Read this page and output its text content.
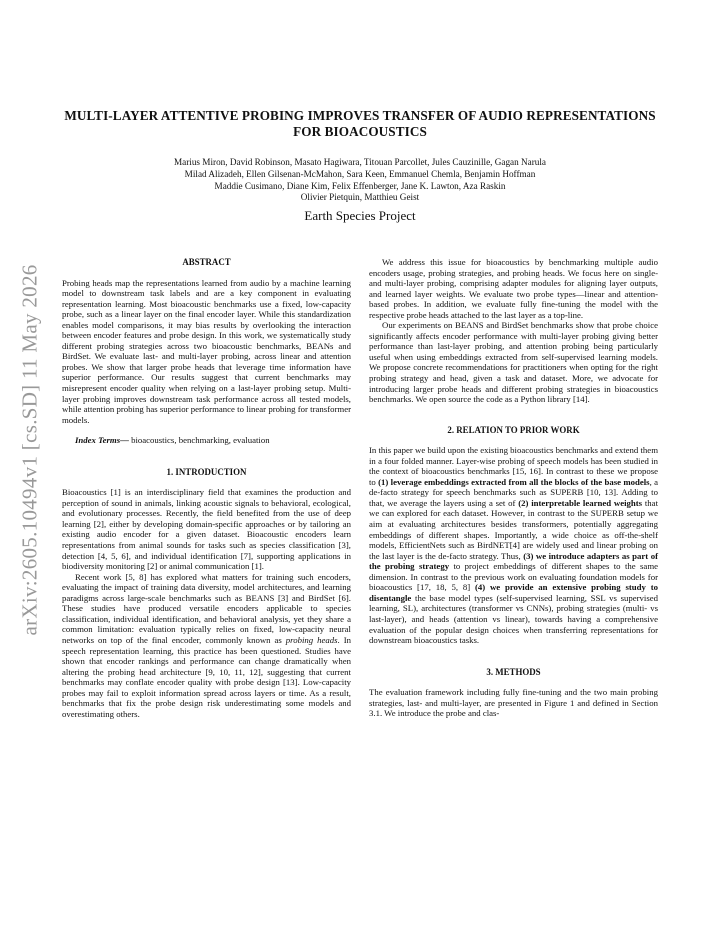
arXiv:2605.10494v1 [cs.SD] 11 May 2026
MULTI-LAYER ATTENTIVE PROBING IMPROVES TRANSFER OF AUDIO REPRESENTATIONS FOR BIOACOUSTICS
Marius Miron, David Robinson, Masato Hagiwara, Titouan Parcollet, Jules Cauzinille, Gagan Narula
Milad Alizadeh, Ellen Gilsenan-McMahon, Sara Keen, Emmanuel Chemla, Benjamin Hoffman
Maddie Cusimano, Diane Kim, Felix Effenberger, Jane K. Lawton, Aza Raskin
Olivier Pietquin, Matthieu Geist
Earth Species Project

ABSTRACT

Probing heads map the representations learned from audio by a machine learning model to downstream task labels and are a key component in evaluating representation learning. Most bioacoustic benchmarks use a fixed, low-capacity probe, such as a linear layer on the final encoder layer. While this standardization enables model comparisons, it may bias results by overlooking the interaction between encoder features and probe design. In this work, we systematically study different probing strategies across two bioacoustic benchmarks, BEANs and BirdSet. We evaluate last- and multi-layer probing, across linear and attention probes. We show that larger probe heads that leverage time information have superior performance. Our results suggest that current benchmarks may misrepresent encoder quality when relying on a last-layer probing setup. Multi-layer probing improves downstream task performance across all tested models, while attention probing has superior performance to linear probing for transformer models.

Index Terms— bioacoustics, benchmarking, evaluation

1. INTRODUCTION

Bioacoustics [1] is an interdisciplinary field that examines the production and perception of sound in animals, linking acoustic signals to behavioral, ecological, and evolutionary processes. Recently, the field benefited from the use of deep learning [2], either by developing domain-specific approaches or by tailoring an existing audio encoder for a given dataset. Bioacoustic encoders learn representations from animal sounds for tasks such as species classification [3], detection [4, 5, 6], and individual identification [7], supporting applications in biodiversity monitoring [2] or animal communication [1].

Recent work [5, 8] has explored what matters for training such encoders, evaluating the impact of training data diversity, model architectures, and learning paradigms across large-scale benchmarks such as BEANS [3] and BirdSet [6]. These studies have produced versatile encoders applicable to species classification, individual identification, and behavioral analysis, yet they share a common limitation: evaluation typically relies on fixed, low-capacity neural networks on top of the final encoder, commonly known as probing heads. In speech representation learning, this practice has been questioned. Studies have shown that encoder rankings and performance can change dramatically when altering the probing head architecture [9, 10, 11, 12], suggesting that current benchmarks may conflate encoder quality with probe design [13]. Low-capacity probes may fail to exploit information spread across layers or time. As a result, benchmarks that fix the probe design risk underestimating some models and overestimating others.

We address this issue for bioacoustics by benchmarking multiple audio encoders usage, probing strategies, and probing heads. We focus here on single- and multi-layer probing, comprising adapter modules for aligning layer outputs, and learned layer weights. We evaluate two probe types—linear and attention-based probes. In addition, we evaluate fully fine-tuning the model with the respective probe heads attached to the last layer as a top-line.

Our experiments on BEANS and BirdSet benchmarks show that probe choice significantly affects encoder performance with multi-layer probing giving better performance than last-layer probing, and attention probing being particularly useful when using embeddings extracted from self-supervised learning models. We propose concrete recommendations for practitioners when opting for the right probing strategy and head, given a task and dataset. More, we advocate for introducing larger probe heads and different probing strategies in bioacoustics benchmarks. We open source the code as a Python library [14].

2. RELATION TO PRIOR WORK

In this paper we build upon the existing bioacoustics benchmarks and extend them in a four folded manner. Layer-wise probing of speech models has been studied in the context of bioacoustics benchmarks [15, 16]. In contrast to these we propose to (1) leverage embeddings extracted from all the blocks of the base models, a de-facto strategy for speech benchmarks such as SUPERB [10, 13]. Adding to that, we average the layers using a set of (2) interpretable learned weights that we can explored for each dataset. However, in contrast to the SUPERB setup we aim at evaluating architectures besides transformers, potentially aggregating embeddings of different shapes. Importantly, a wide choice as off-the-shelf models, EfficientNets such as BirdNET[4] are widely used and linear probing on the last layer is the de-facto strategy. Thus, (3) we introduce adapters as part of the probing strategy to project embeddings of different shapes to the same dimension. In contrast to the previous work on evaluating foundation models for bioacoustics [17, 18, 5, 8] (4) we provide an extensive probing study to disentangle the base model types (self-supervised learning, SSL vs supervised learning, SL), architectures (transformer vs CNNs), probing strategies (multi- vs last-layer), and heads (attention vs linear), towards having a comprehensive evaluation of the popular design choices when transferring representations for downstream bioacoustics tasks.

3. METHODS

The evaluation framework including fully fine-tuning and the two main probing strategies, last- and multi-layer, are presented in Figure 1 and defined in Section 3.1. We introduce the probe and clas-
